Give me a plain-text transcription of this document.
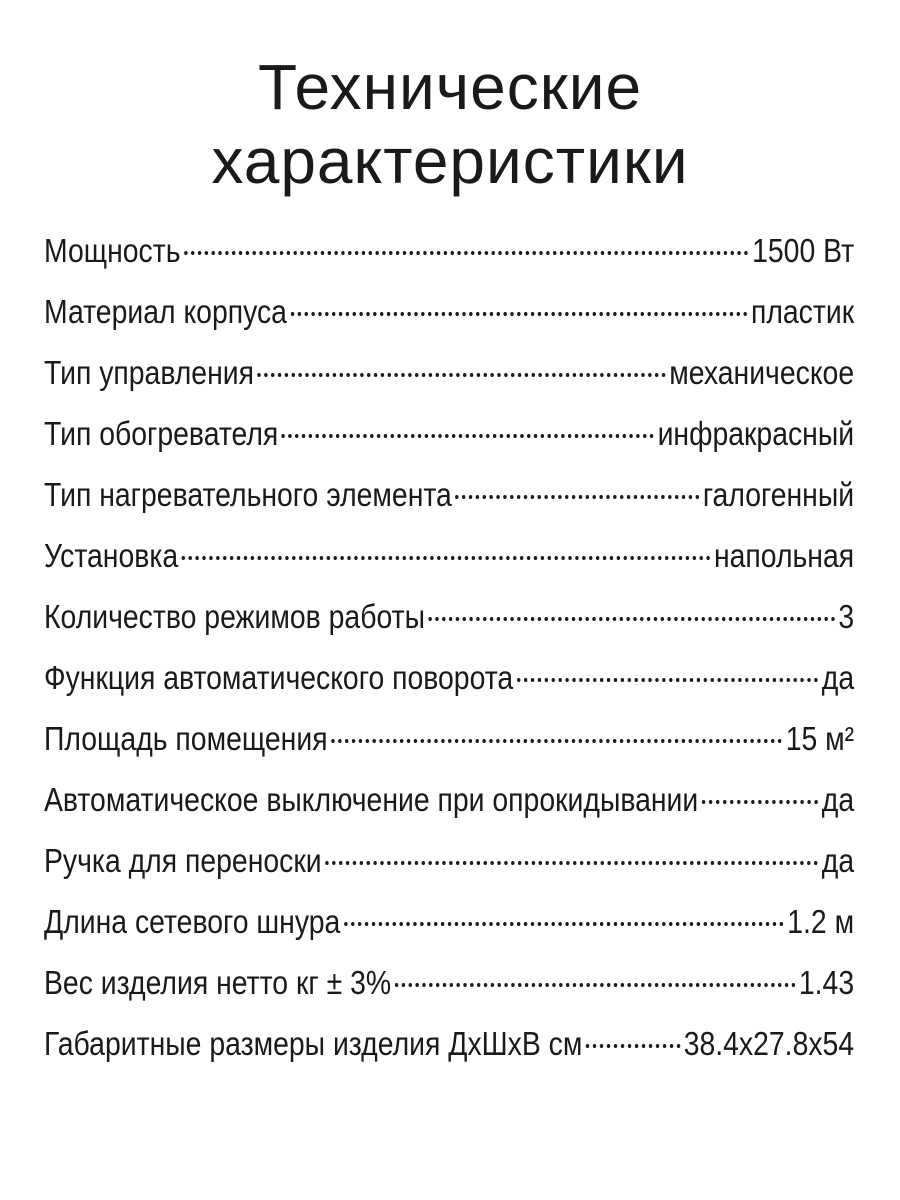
Технические
характеристики
Мощность	1500 Вт
Материал корпуса	пластик
Тип управления	механическое
Тип обогревателя	инфракрасный
Тип нагревательного элемента	галогенный
Установка	напольная
Количество режимов работы	3
Функция автоматического поворота	да
Площадь помещения	15 м²
Автоматическое выключение при опрокидывании	да
Ручка для переноски	да
Длина сетевого шнура	1.2 м
Вес изделия нетто кг ± 3%	1.43
Габаритные размеры изделия ДхШхВ см	38.4x27.8x54
